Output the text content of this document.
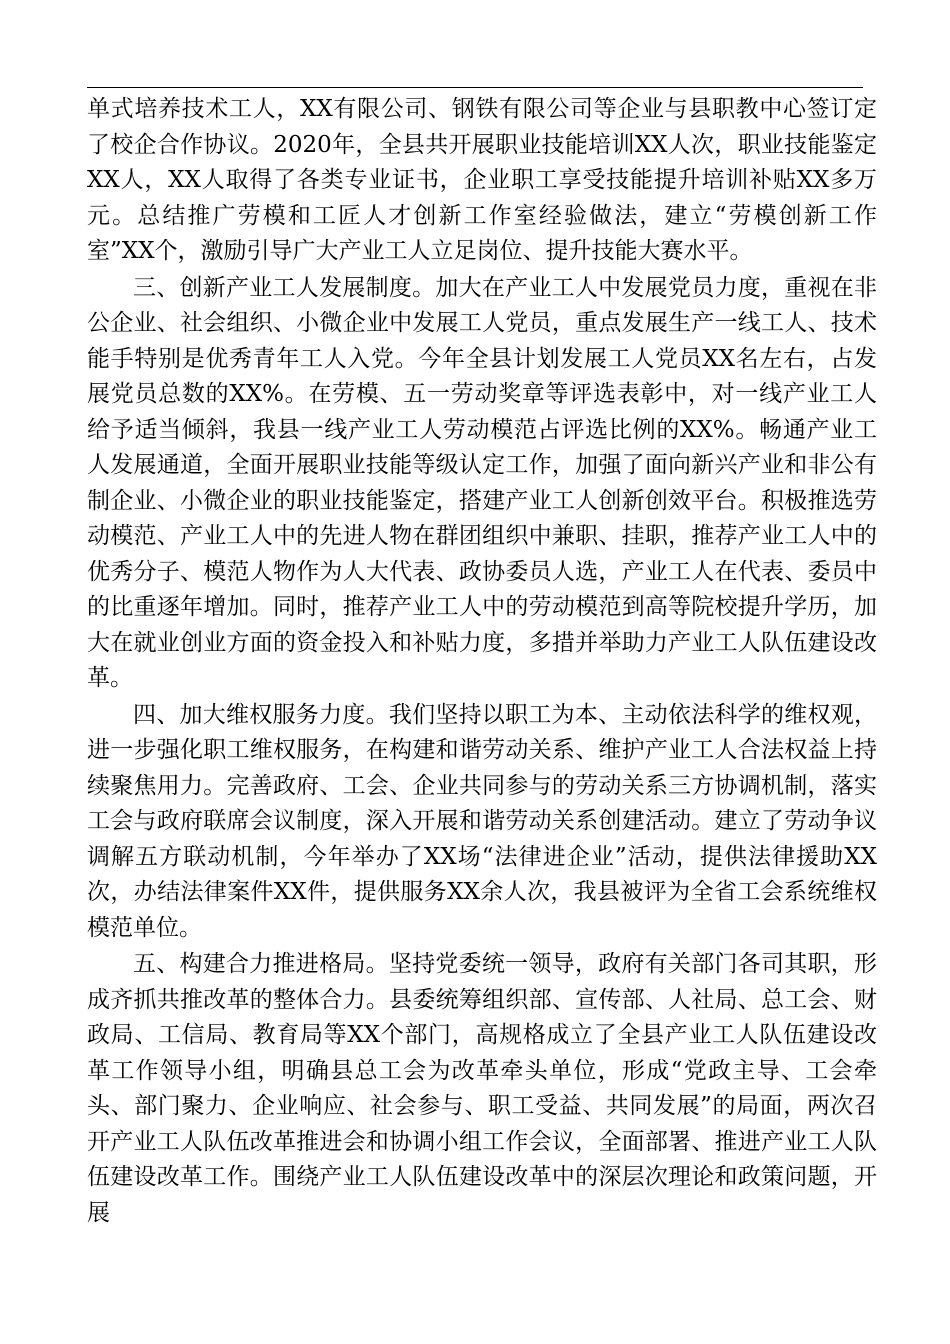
单式培养技术工人，XX有限公司、钢铁有限公司等企业与县职教中心签订定了校企合作协议。2020年，全县共开展职业技能培训XX人次，职业技能鉴定XX人，XX人取得了各类专业证书，企业职工享受技能提升培训补贴XX多万元。总结推广劳模和工匠人才创新工作室经验做法，建立“劳模创新工作室”XX个，激励引导广大产业工人立足岗位、提升技能大赛水平。

三、创新产业工人发展制度。加大在产业工人中发展党员力度，重视在非公企业、社会组织、小微企业中发展工人党员，重点发展生产一线工人、技术能手特别是优秀青年工人入党。今年全县计划发展工人党员XX名左右，占发展党员总数的XX%。在劳模、五一劳动奖章等评选表彰中，对一线产业工人给予适当倾斜，我县一线产业工人劳动模范占评选比例的XX%。畅通产业工人发展通道，全面开展职业技能等级认定工作，加强了面向新兴产业和非公有制企业、小微企业的职业技能鉴定，搭建产业工人创新创效平台。积极推选劳动模范、产业工人中的先进人物在群团组织中兼职、挂职，推荐产业工人中的优秀分子、模范人物作为人大代表、政协委员人选，产业工人在代表、委员中的比重逐年增加。同时，推荐产业工人中的劳动模范到高等院校提升学历，加大在就业创业方面的资金投入和补贴力度，多措并举助力产业工人队伍建设改革。

四、加大维权服务力度。我们坚持以职工为本、主动依法科学的维权观，进一步强化职工维权服务，在构建和谐劳动关系、维护产业工人合法权益上持续聚焦用力。完善政府、工会、企业共同参与的劳动关系三方协调机制，落实工会与政府联席会议制度，深入开展和谐劳动关系创建活动。建立了劳动争议调解五方联动机制，今年举办了XX场“法律进企业”活动，提供法律援助XX次，办结法律案件XX件，提供服务XX余人次，我县被评为全省工会系统维权模范单位。

五、构建合力推进格局。坚持党委统一领导，政府有关部门各司其职，形成齐抓共推改革的整体合力。县委统筹组织部、宣传部、人社局、总工会、财政局、工信局、教育局等XX个部门，高规格成立了全县产业工人队伍建设改革工作领导小组，明确县总工会为改革牵头单位，形成“党政主导、工会牵头、部门聚力、企业响应、社会参与、职工受益、共同发展”的局面，两次召开产业工人队伍改革推进会和协调小组工作会议，全面部署、推进产业工人队伍建设改革工作。围绕产业工人队伍建设改革中的深层次理论和政策问题，开展
